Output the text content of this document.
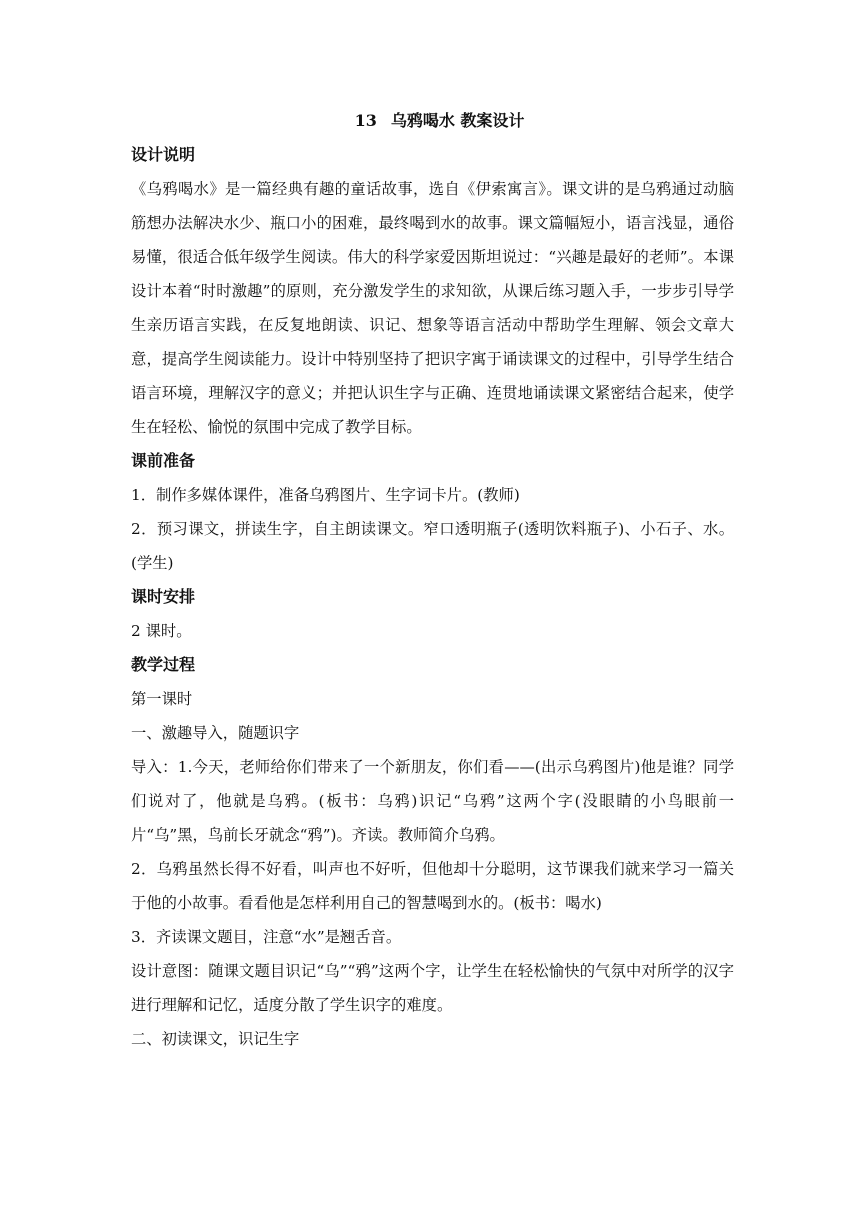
13 乌鸦喝水 教案设计
设计说明
《乌鸦喝水》是一篇经典有趣的童话故事，选自《伊索寓言》。课文讲的是乌鸦通过动脑筋想办法解决水少、瓶口小的困难，最终喝到水的故事。课文篇幅短小，语言浅显，通俗易懂，很适合低年级学生阅读。伟大的科学家爱因斯坦说过：“兴趣是最好的老师”。本课设计本着“时时激趣”的原则，充分激发学生的求知欲，从课后练习题入手，一步步引导学生亲历语言实践，在反复地朗读、识记、想象等语言活动中帮助学生理解、领会文章大意，提高学生阅读能力。设计中特别坚持了把识字寓于诵读课文的过程中，引导学生结合语言环境，理解汉字的意义；并把认识生字与正确、连贯地诵读课文紧密结合起来，使学生在轻松、愉悦的氛围中完成了教学目标。
课前准备
1．制作多媒体课件，准备乌鸦图片、生字词卡片。(教师)
2．预习课文，拼读生字，自主朗读课文。窄口透明瓶子(透明饮料瓶子)、小石子、水。(学生)
课时安排
2 课时。
教学过程
第一课时
一、激趣导入，随题识字
导入：1.今天，老师给你们带来了一个新朋友，你们看——(出示乌鸦图片)他是谁？同学们说对了，他就是乌鸦。(板书：乌鸦)识记“乌鸦”这两个字(没眼睛的小鸟眼前一片“乌”黑，鸟前长牙就念“鸦”)。齐读。教师简介乌鸦。
2．乌鸦虽然长得不好看，叫声也不好听，但他却十分聪明，这节课我们就来学习一篇关于他的小故事。看看他是怎样利用自己的智慧喝到水的。(板书：喝水)
3．齐读课文题目，注意“水”是翘舌音。
设计意图：随课文题目识记“乌”“鸦”这两个字，让学生在轻松愉快的气氛中对所学的汉字进行理解和记忆，适度分散了学生识字的难度。
二、初读课文，识记生字
